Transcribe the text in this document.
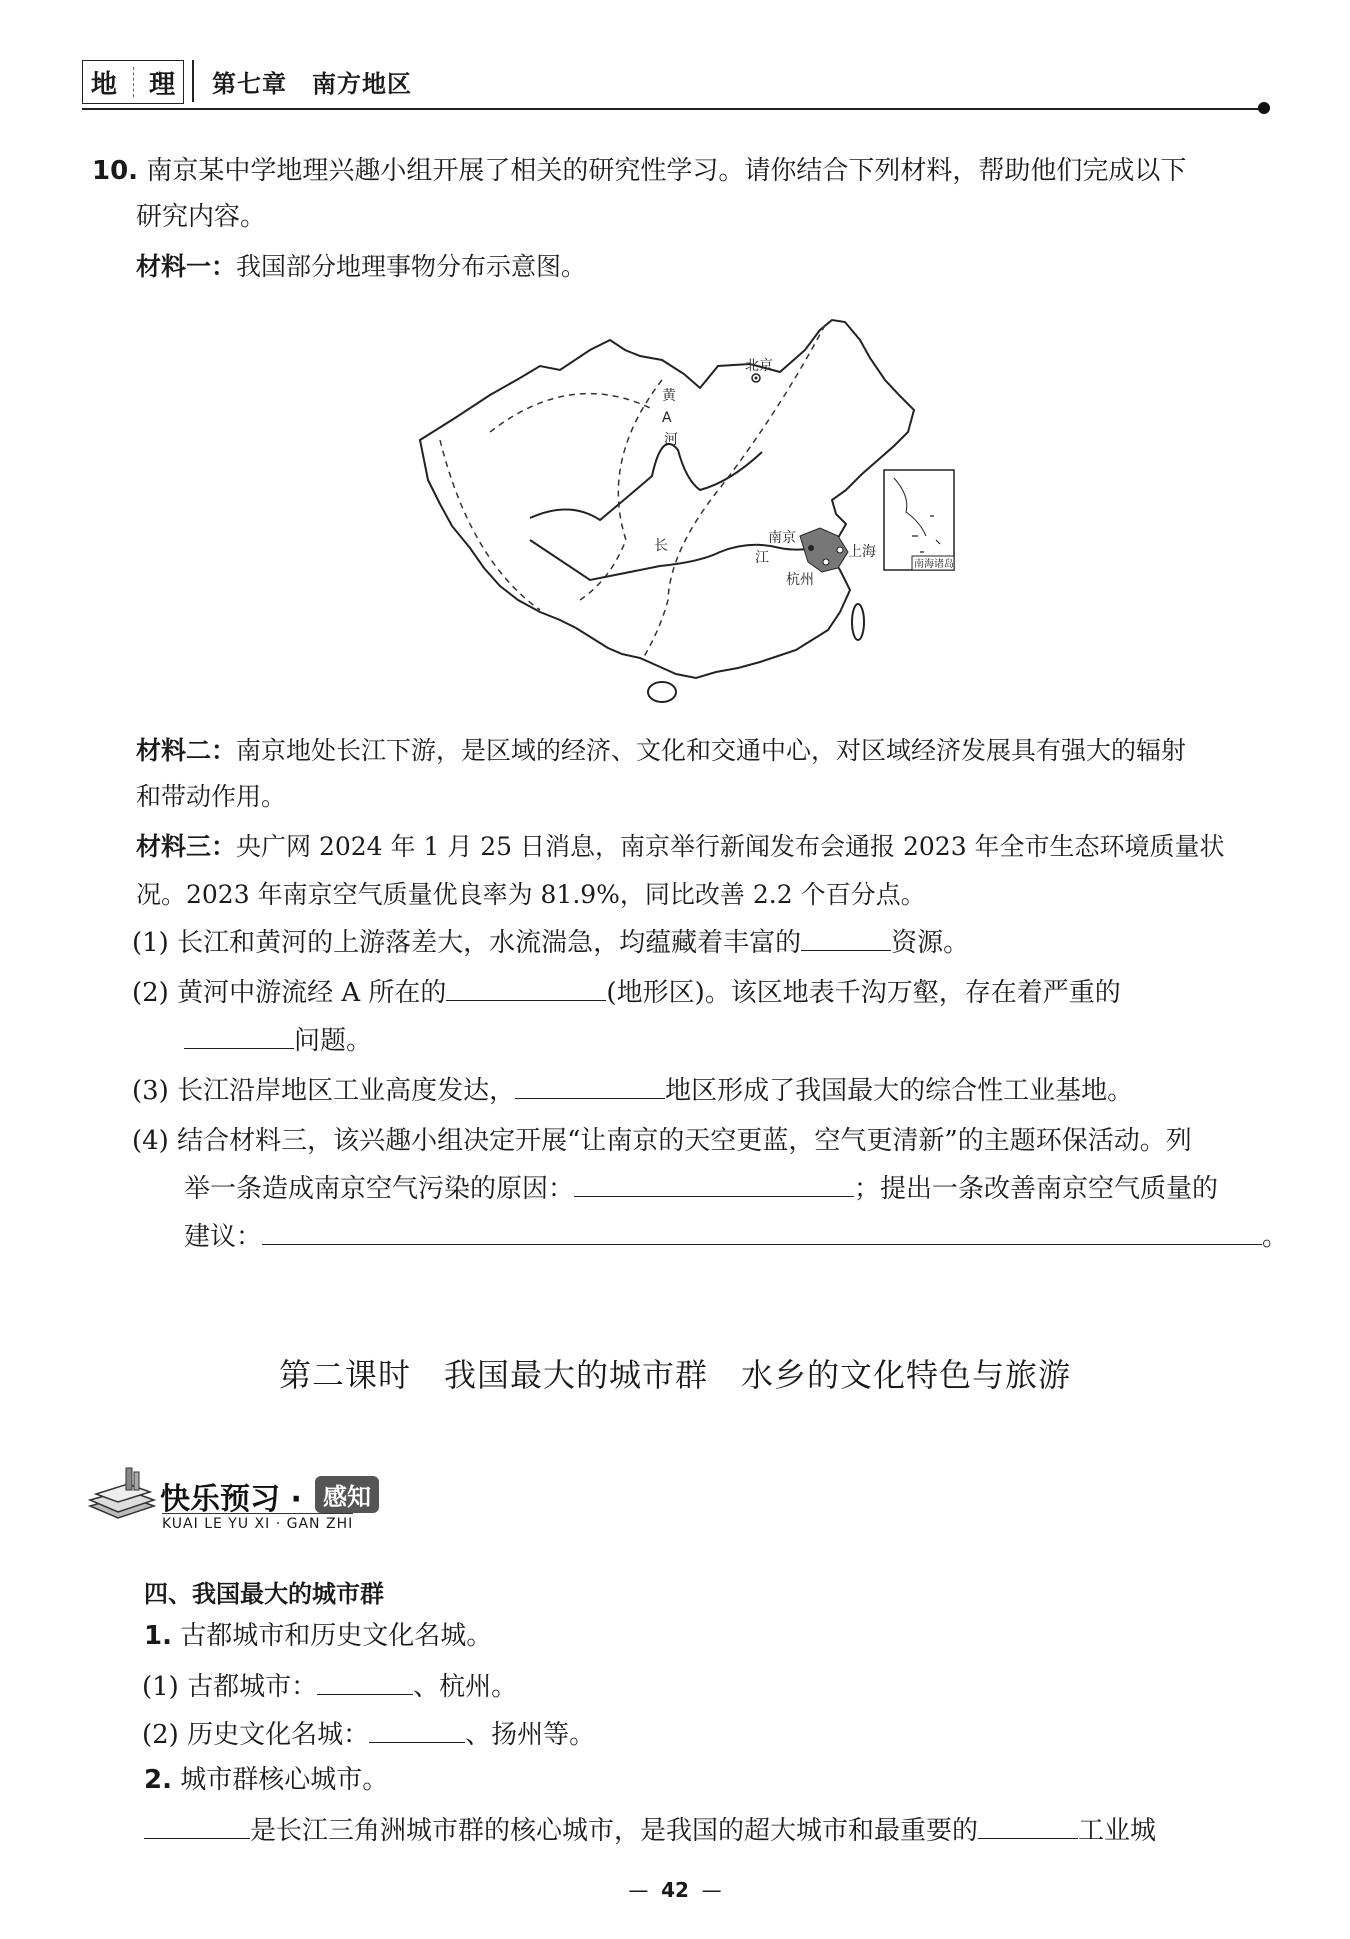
地 理 第七章　南方地区
10. 南京某中学地理兴趣小组开展了相关的研究性学习。请你结合下列材料，帮助他们完成以下
研究内容。
材料一：我国部分地理事物分布示意图。
北京
南京
上海
杭州
黄
A
河
长
江	南海诸岛
材料二：南京地处长江下游，是区域的经济、文化和交通中心，对区域经济发展具有强大的辐射
和带动作用。
材料三：央广网 2024 年 1 月 25 日消息，南京举行新闻发布会通报 2023 年全市生态环境质量状
况。2023 年南京空气质量优良率为 81.9%，同比改善 2.2 个百分点。
(1) 长江和黄河的上游落差大，水流湍急，均蕴藏着丰富的	资源。
(2) 黄河中游流经 A 所在的	(地形区)。该区地表千沟万壑，存在着严重的
问题。
(3) 长江沿岸地区工业高度发达，	地区形成了我国最大的综合性工业基地。
(4) 结合材料三，该兴趣小组决定开展“让南京的天空更蓝，空气更清新”的主题环保活动。列
举一条造成南京空气污染的原因：	；提出一条改善南京空气质量的
建议：	。
第二课时　我国最大的城市群　水乡的文化特色与旅游
快乐预习 · 感知
KUAI LE YU XI · GAN ZHI
四、我国最大的城市群
1. 古都城市和历史文化名城。
(1) 古都城市：	、杭州。
(2) 历史文化名城：	、扬州等。
2. 城市群核心城市。
是长江三角洲城市群的核心城市，是我国的超大城市和最重要的	工业城
—  42  —
